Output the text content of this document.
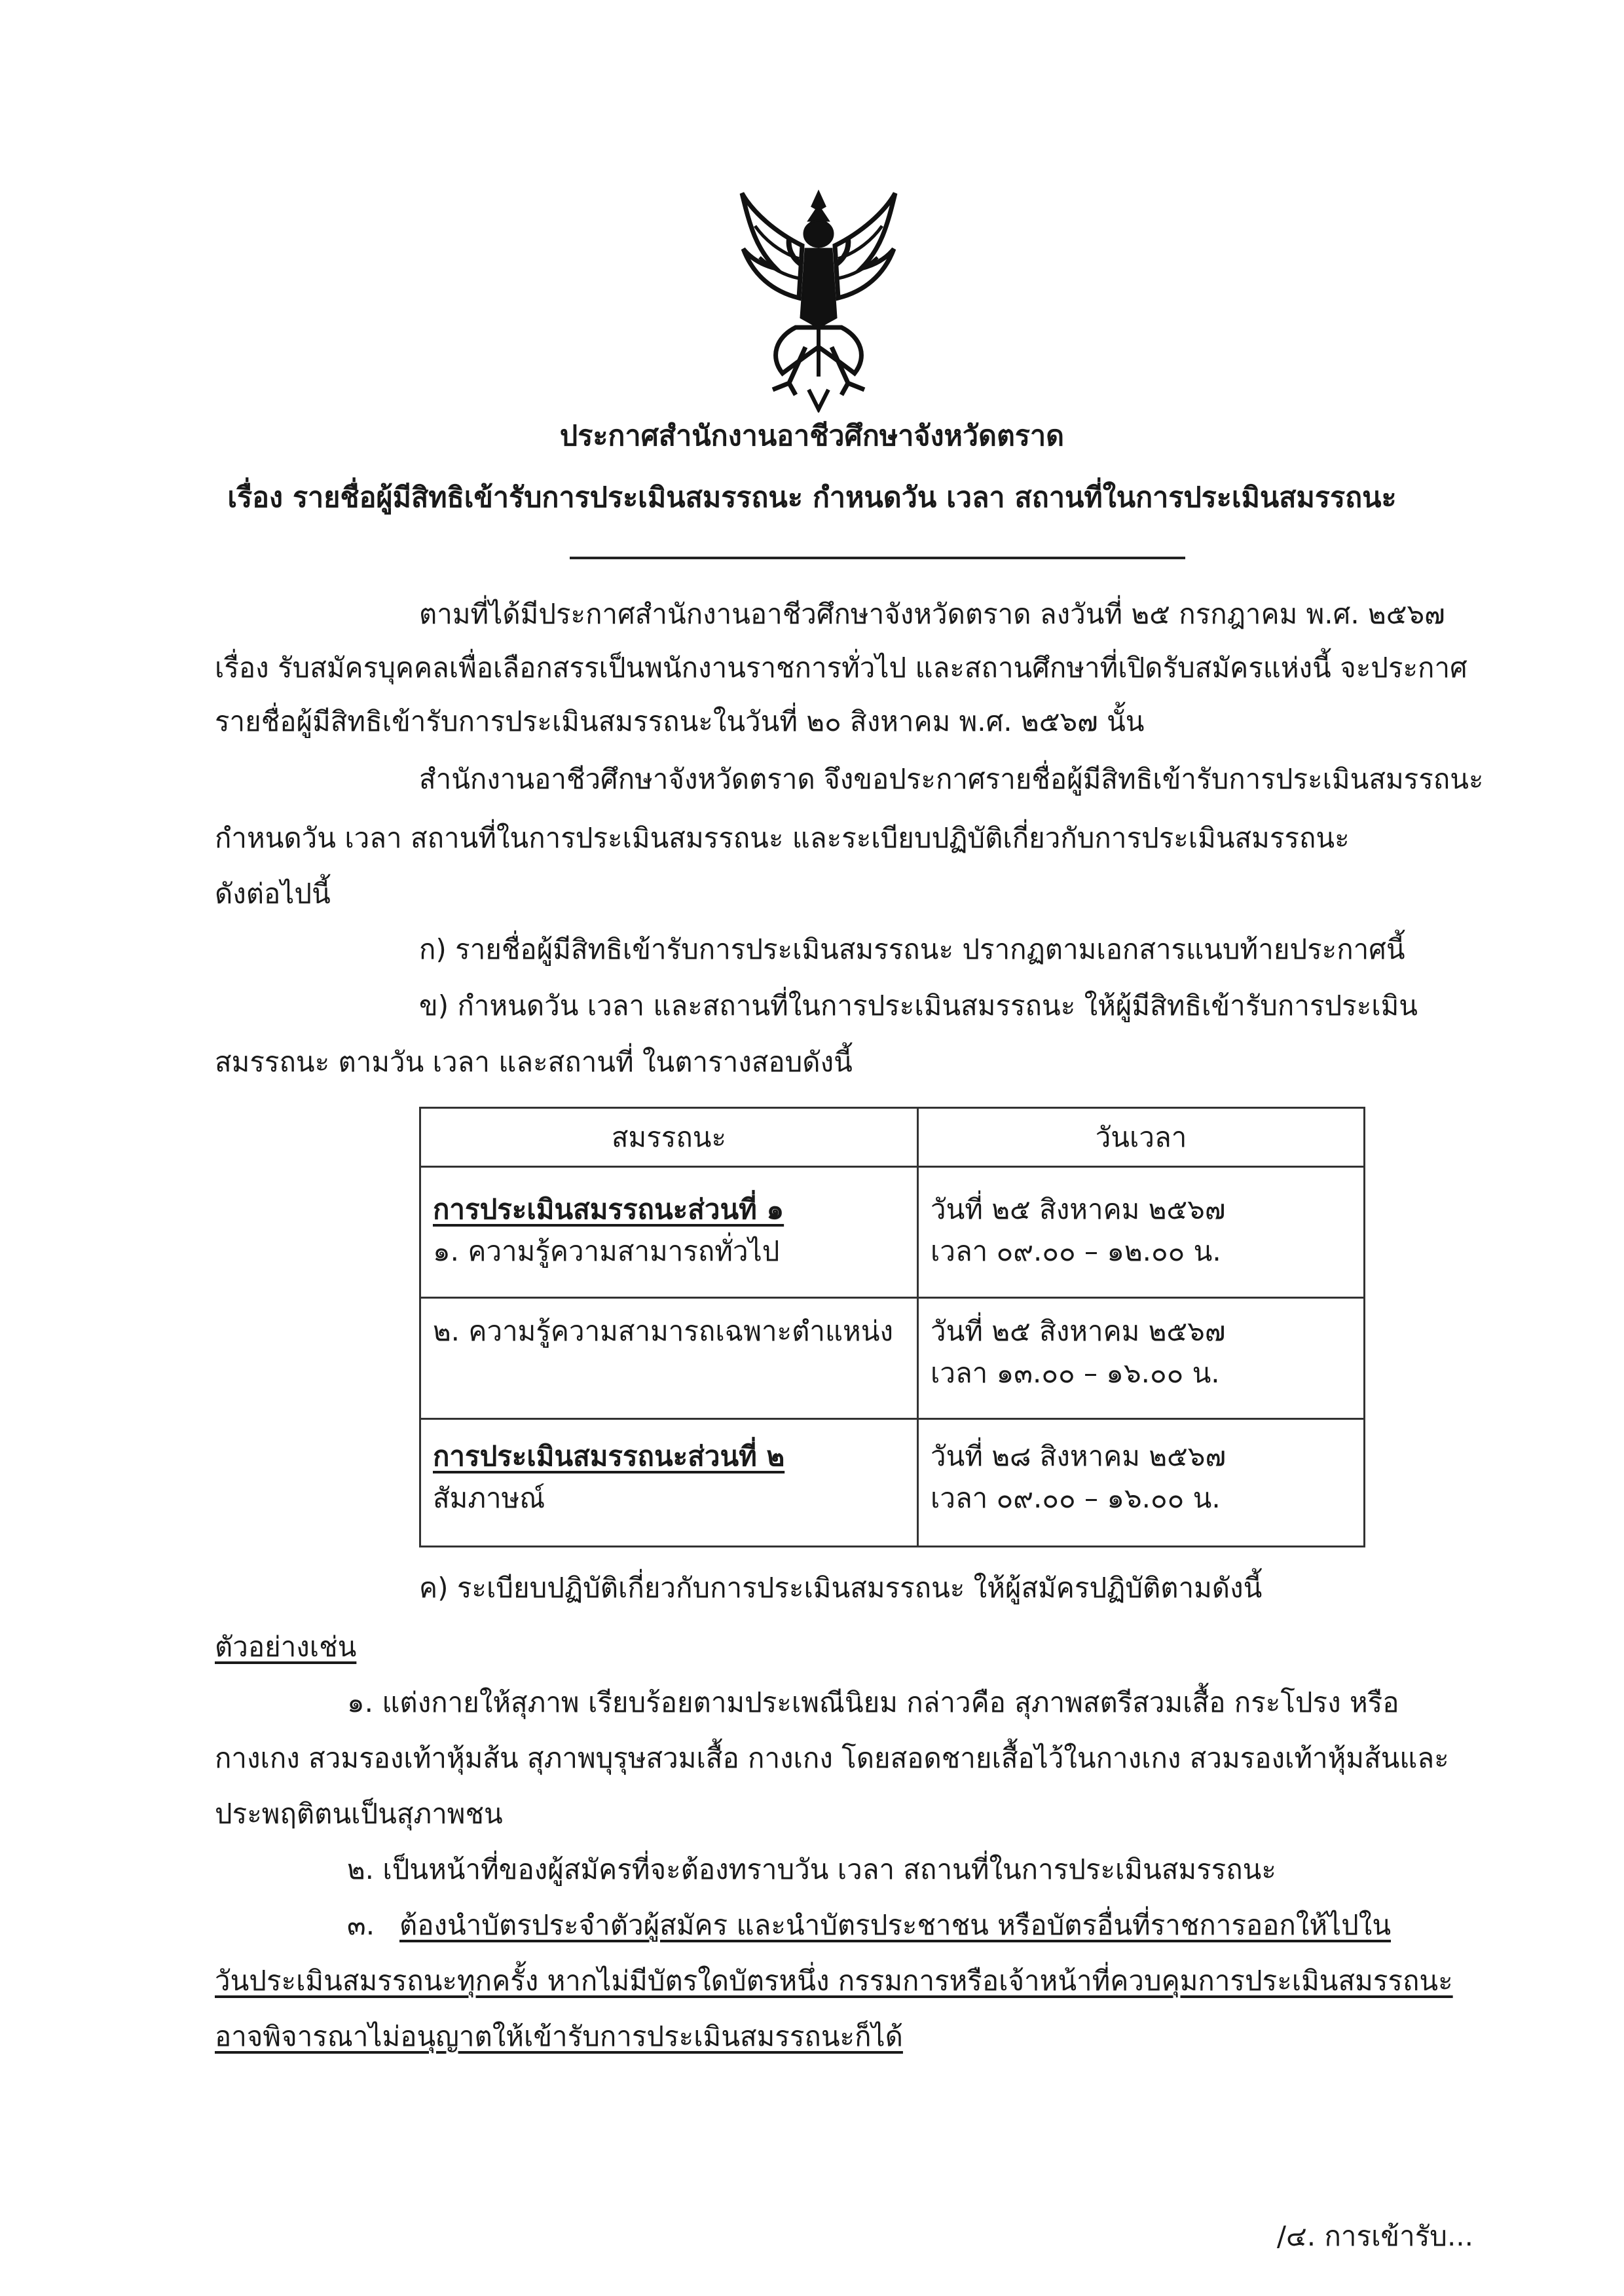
ประกาศสำนักงานอาชีวศึกษาจังหวัดตราด
เรื่อง รายชื่อผู้มีสิทธิเข้ารับการประเมินสมรรถนะ กำหนดวัน เวลา สถานที่ในการประเมินสมรรถนะ
ตามที่ได้มีประกาศสำนักงานอาชีวศึกษาจังหวัดตราด ลงวันที่ ๒๕ กรกฎาคม พ.ศ. ๒๕๖๗
เรื่อง รับสมัครบุคคลเพื่อเลือกสรรเป็นพนักงานราชการทั่วไป และสถานศึกษาที่เปิดรับสมัครแห่งนี้ จะประกาศ
รายชื่อผู้มีสิทธิเข้ารับการประเมินสมรรถนะในวันที่ ๒๐ สิงหาคม พ.ศ. ๒๕๖๗ นั้น
สำนักงานอาชีวศึกษาจังหวัดตราด จึงขอประกาศรายชื่อผู้มีสิทธิเข้ารับการประเมินสมรรถนะ
กำหนดวัน เวลา สถานที่ในการประเมินสมรรถนะ และระเบียบปฏิบัติเกี่ยวกับการประเมินสมรรถนะ
ดังต่อไปนี้
ก) รายชื่อผู้มีสิทธิเข้ารับการประเมินสมรรถนะ ปรากฏตามเอกสารแนบท้ายประกาศนี้
ข) กำหนดวัน เวลา และสถานที่ในการประเมินสมรรถนะ ให้ผู้มีสิทธิเข้ารับการประเมิน
สมรรถนะ ตามวัน เวลา และสถานที่ ในตารางสอบดังนี้
สมรรถนะ	วันเวลา

การประเมินสมรรถนะส่วนที่ ๑
๑. ความรู้ความสามารถทั่วไป	วันที่ ๒๕ สิงหาคม ๒๕๖๗
เวลา ๐๙.๐๐ – ๑๒.๐๐ น.

๒. ความรู้ความสามารถเฉพาะตำแหน่ง	วันที่ ๒๕ สิงหาคม ๒๕๖๗
เวลา ๑๓.๐๐ – ๑๖.๐๐ น.

การประเมินสมรรถนะส่วนที่ ๒
สัมภาษณ์	วันที่ ๒๘ สิงหาคม ๒๕๖๗
เวลา ๐๙.๐๐ – ๑๖.๐๐ น.
ค) ระเบียบปฏิบัติเกี่ยวกับการประเมินสมรรถนะ ให้ผู้สมัครปฏิบัติตามดังนี้
ตัวอย่างเช่น
๑. แต่งกายให้สุภาพ เรียบร้อยตามประเพณีนิยม กล่าวคือ สุภาพสตรีสวมเสื้อ กระโปรง หรือ
กางเกง สวมรองเท้าหุ้มส้น สุภาพบุรุษสวมเสื้อ กางเกง โดยสอดชายเสื้อไว้ในกางเกง สวมรองเท้าหุ้มส้นและ
ประพฤติตนเป็นสุภาพชน
๒. เป็นหน้าที่ของผู้สมัครที่จะต้องทราบวัน เวลา สถานที่ในการประเมินสมรรถนะ
๓. ต้องนำบัตรประจำตัวผู้สมัคร และนำบัตรประชาชน หรือบัตรอื่นที่ราชการออกให้ไปใน
วันประเมินสมรรถนะทุกครั้ง หากไม่มีบัตรใดบัตรหนึ่ง กรรมการหรือเจ้าหน้าที่ควบคุมการประเมินสมรรถนะ
อาจพิจารณาไม่อนุญาตให้เข้ารับการประเมินสมรรถนะก็ได้
/๔. การเข้ารับ...
